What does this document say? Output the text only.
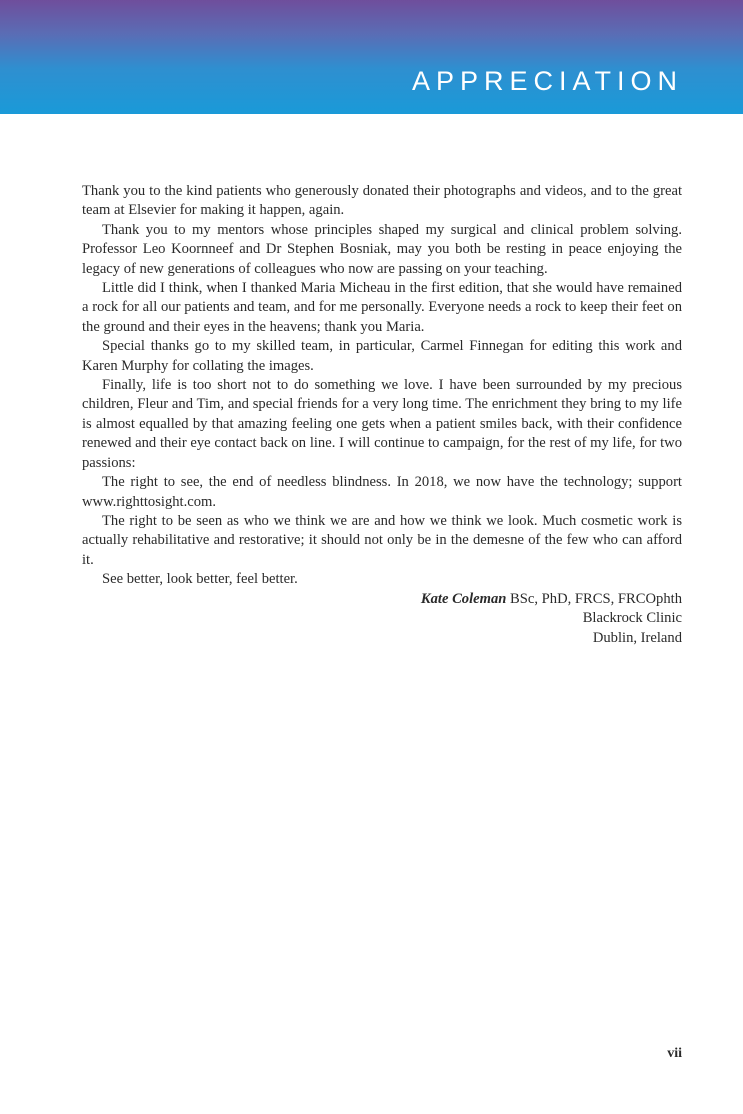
APPRECIATION

Thank you to the kind patients who generously donated their photographs and videos, and to the great team at Elsevier for making it happen, again.

Thank you to my mentors whose principles shaped my surgical and clinical problem solving. Professor Leo Koornneef and Dr Stephen Bosniak, may you both be resting in peace enjoying the legacy of new generations of colleagues who now are passing on your teaching.

Little did I think, when I thanked Maria Micheau in the first edition, that she would have remained a rock for all our patients and team, and for me personally. Everyone needs a rock to keep their feet on the ground and their eyes in the heavens; thank you Maria.

Special thanks go to my skilled team, in particular, Carmel Finnegan for editing this work and Karen Murphy for collating the images.

Finally, life is too short not to do something we love. I have been surrounded by my precious children, Fleur and Tim, and special friends for a very long time. The enrichment they bring to my life is almost equalled by that amazing feeling one gets when a patient smiles back, with their confidence renewed and their eye contact back on line. I will continue to campaign, for the rest of my life, for two passions:

The right to see, the end of needless blindness. In 2018, we now have the technology; support www.righttosight.com.

The right to be seen as who we think we are and how we think we look. Much cosmetic work is actually rehabilitative and restorative; it should not only be in the demesne of the few who can afford it.

See better, look better, feel better.

Kate Coleman BSc, PhD, FRCS, FRCOphth
Blackrock Clinic
Dublin, Ireland
vii
